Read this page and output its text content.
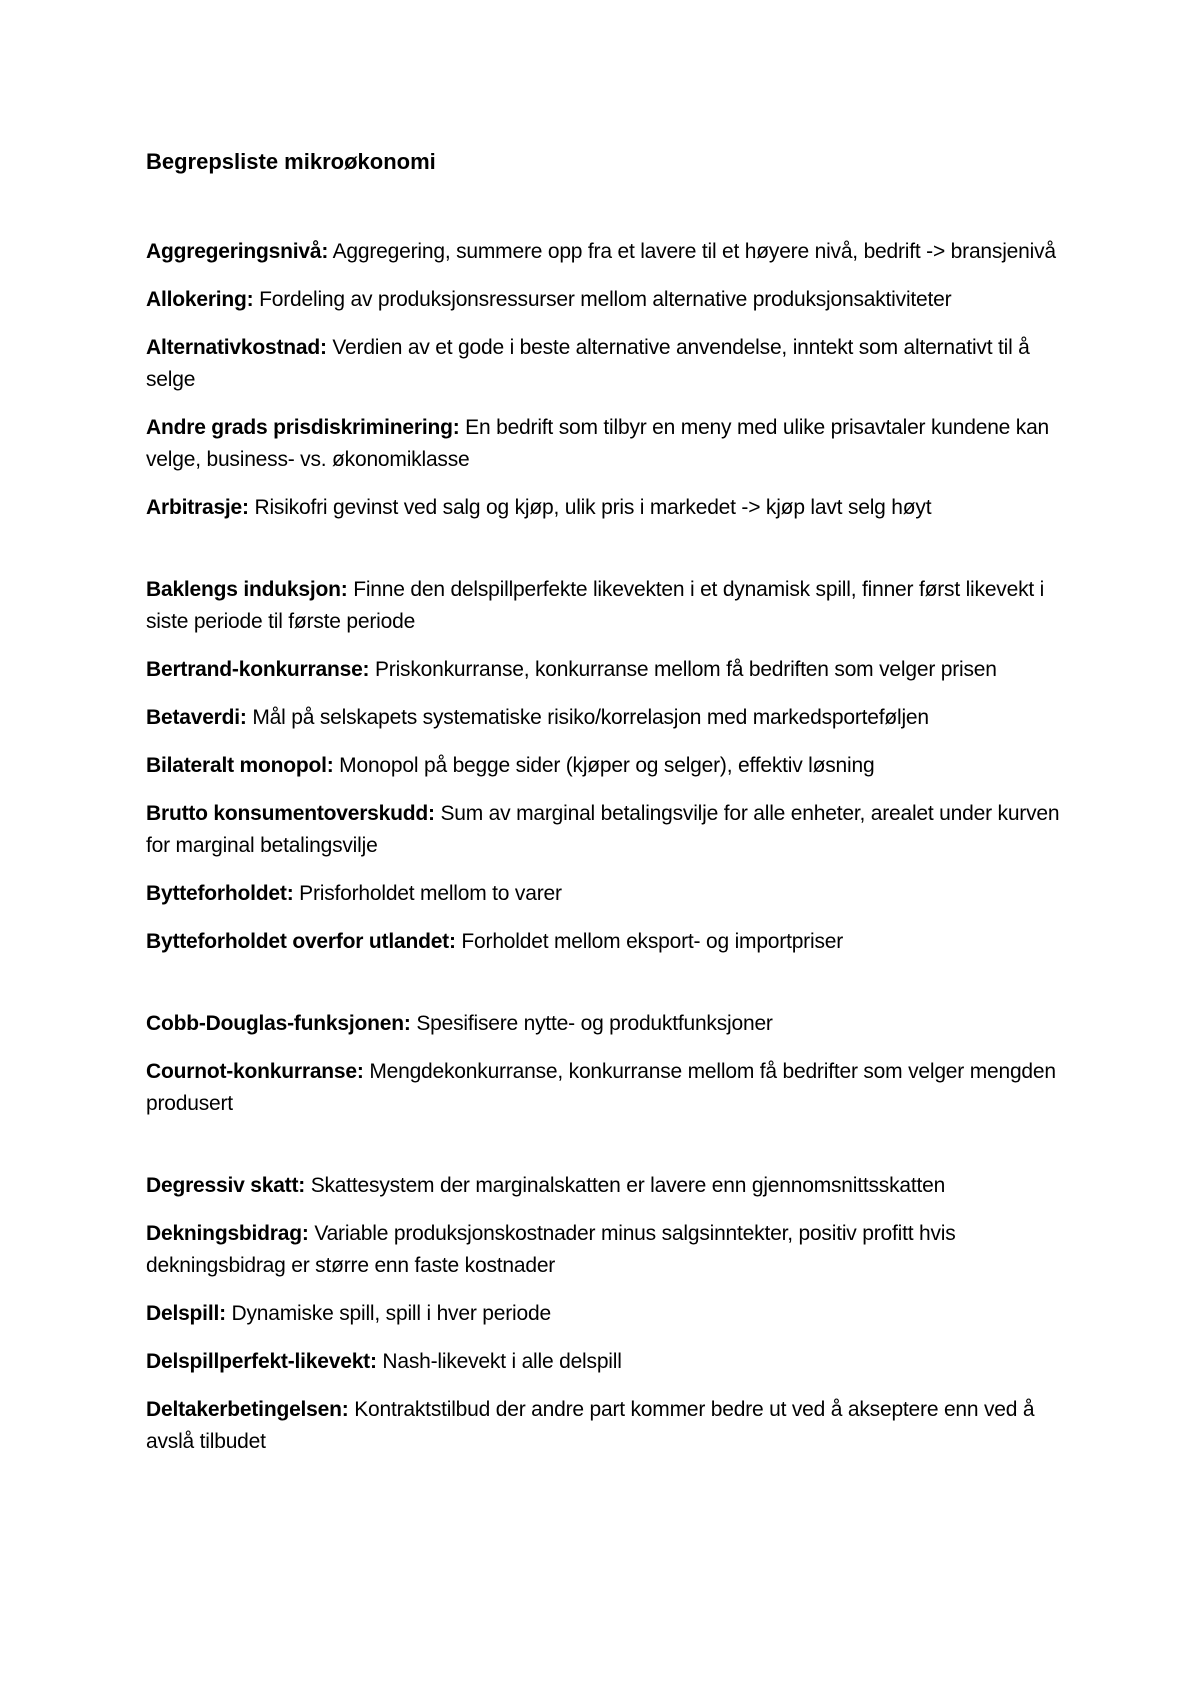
Begrepsliste mikroøkonomi

Aggregeringsnivå: Aggregering, summere opp fra et lavere til et høyere nivå, bedrift -> bransjenivå

Allokering: Fordeling av produksjonsressurser mellom alternative produksjonsaktiviteter

Alternativkostnad: Verdien av et gode i beste alternative anvendelse, inntekt som alternativt til å selge

Andre grads prisdiskriminering: En bedrift som tilbyr en meny med ulike prisavtaler kundene kan velge, business- vs. økonomiklasse

Arbitrasje: Risikofri gevinst ved salg og kjøp, ulik pris i markedet -> kjøp lavt selg høyt

Baklengs induksjon: Finne den delspillperfekte likevekten i et dynamisk spill, finner først likevekt i siste periode til første periode

Bertrand-konkurranse: Priskonkurranse, konkurranse mellom få bedriften som velger prisen

Betaverdi: Mål på selskapets systematiske risiko/korrelasjon med markedsporteføljen

Bilateralt monopol: Monopol på begge sider (kjøper og selger), effektiv løsning

Brutto konsumentoverskudd: Sum av marginal betalingsvilje for alle enheter, arealet under kurven for marginal betalingsvilje

Bytteforholdet: Prisforholdet mellom to varer

Bytteforholdet overfor utlandet: Forholdet mellom eksport- og importpriser

Cobb-Douglas-funksjonen: Spesifisere nytte- og produktfunksjoner

Cournot-konkurranse: Mengdekonkurranse, konkurranse mellom få bedrifter som velger mengden produsert

Degressiv skatt: Skattesystem der marginalskatten er lavere enn gjennomsnittsskatten

Dekningsbidrag: Variable produksjonskostnader minus salgsinntekter, positiv profitt hvis dekningsbidrag er større enn faste kostnader

Delspill: Dynamiske spill, spill i hver periode

Delspillperfekt-likevekt: Nash-likevekt i alle delspill

Deltakerbetingelsen: Kontraktstilbud der andre part kommer bedre ut ved å akseptere enn ved å avslå tilbudet
